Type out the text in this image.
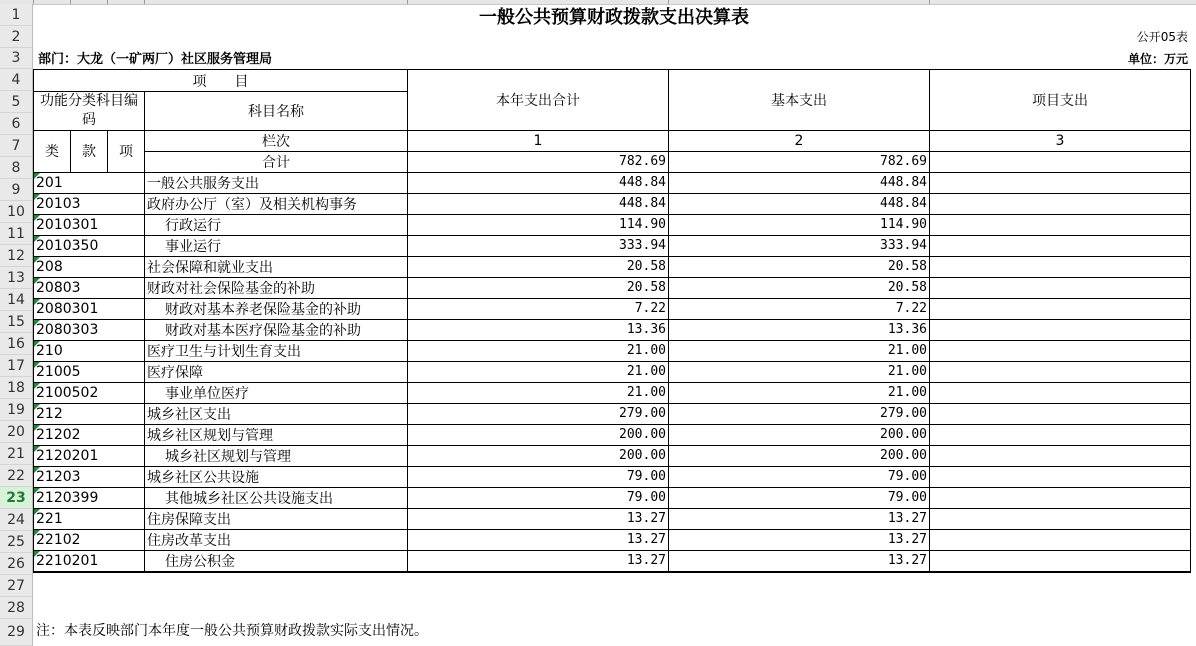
1
2
3
4
5
6
7
8
9
10
11
12
13
14
15
16
17
18
19
20
21
22
23
24
25
26
27
28
29
一般公共预算财政拨款支出决算表
公开05表
部门：大龙（一矿两厂）社区服务管理局	单位：万元
项　　目				本年支出合计	基本支出	项目支出
功能分类科目编码			科目名称			
类	款	项	栏次	1	2	3
			合计	782.69	782.69	

201			一般公共服务支出	448.84	448.84	

20103			政府办公厅（室）及相关机构事务	448.84	448.84	

2010301			行政运行	114.90	114.90	

2010350			事业运行	333.94	333.94	

208			社会保障和就业支出	20.58	20.58	

20803			财政对社会保险基金的补助	20.58	20.58	

2080301			财政对基本养老保险基金的补助	7.22	7.22	

2080303			财政对基本医疗保险基金的补助	13.36	13.36	

210			医疗卫生与计划生育支出	21.00	21.00	

21005			医疗保障	21.00	21.00	

2100502			事业单位医疗	21.00	21.00	

212			城乡社区支出	279.00	279.00	

21202			城乡社区规划与管理	200.00	200.00	

2120201			城乡社区规划与管理	200.00	200.00	

21203			城乡社区公共设施	79.00	79.00	

2120399			其他城乡社区公共设施支出	79.00	79.00	

221			住房保障支出	13.27	13.27	

22102			住房改革支出	13.27	13.27	

2210201			住房公积金	13.27	13.27	
注：本表反映部门本年度一般公共预算财政拨款实际支出情况。
